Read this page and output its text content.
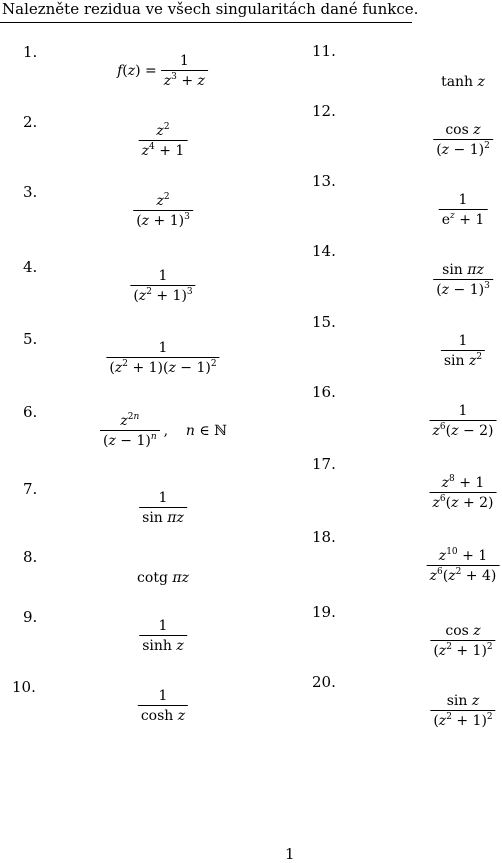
Nalezněte rezidua ve všech singularitách dané funkce.
1.
$f(z) = \frac{1}{z^3 + z}$
2.
$\frac{z^2}{z^4 + 1}$
3.
$\frac{z^2}{(z + 1)^3}$
4.
$\frac{1}{(z^2 + 1)^3}$
5.
$\frac{1}{(z^2 + 1)(z - 1)^2}$
6.
$\frac{z^{2n}}{(z - 1)^n}$ ,    n ∈ ℕ
7.
$\frac{1}{\text{sin πz}}$
8.
cotg πz
9.
$\frac{1}{\text{sinh z}}$
10.
$\frac{1}{\text{cosh z}}$
11.
tanh z
12.
$\frac{\text{cos z}}{(z - 1)^2}$
13.
$\frac{1}{e^z + 1}$
14.
$\frac{\text{sin πz}}{(z - 1)^3}$
15.
$\frac{1}{\sin z^2}$
16.
$\frac{1}{z^6(z - 2)}$
17.
$\frac{z^8 + 1}{z^6(z + 2)}$
18.
$\frac{z^{10} + 1}{z^6(z^2 + 4)}$
19.
$\frac{\text{cos z}}{(z^2 + 1)^2}$
20.
$\frac{\text{sin z}}{(z^2 + 1)^2}$
1
